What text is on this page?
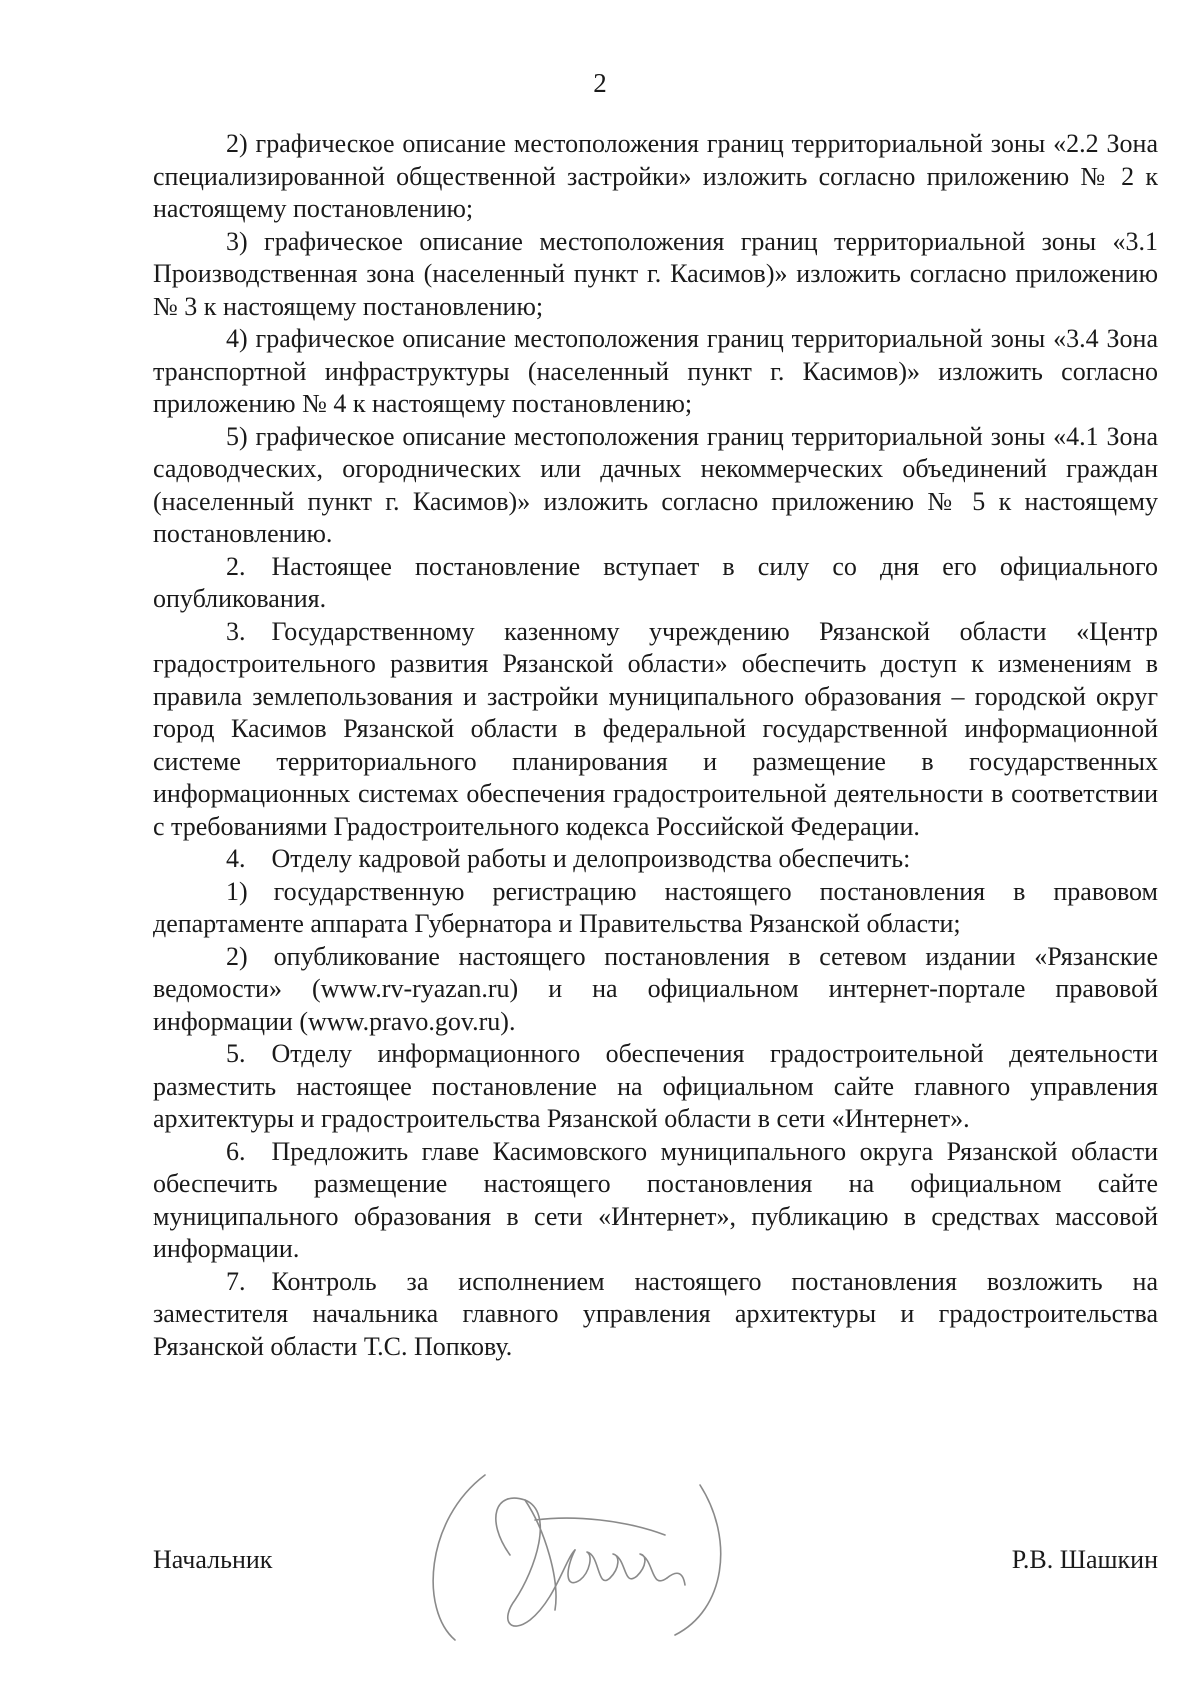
2

2) графическое описание местоположения границ территориальной зоны «2.2 Зона специализированной общественной застройки» изложить согласно приложению № 2 к настоящему постановлению;

3) графическое описание местоположения границ территориальной зоны «3.1 Производственная зона (населенный пункт г. Касимов)» изложить согласно приложению № 3 к настоящему постановлению;

4) графическое описание местоположения границ территориальной зоны «3.4 Зона транспортной инфраструктуры (населенный пункт г. Касимов)» изложить согласно приложению № 4 к настоящему постановлению;

5) графическое описание местоположения границ территориальной зоны «4.1 Зона садоводческих, огороднических или дачных некоммерческих объединений граждан (населенный пункт г. Касимов)» изложить согласно приложению № 5 к настоящему постановлению.

2. Настоящее постановление вступает в силу со дня его официального опубликования.

3. Государственному казенному учреждению Рязанской области «Центр градостроительного развития Рязанской области» обеспечить доступ к изменениям в правила землепользования и застройки муниципального образования – городской округ город Касимов Рязанской области в федеральной государственной информационной системе территориального планирования и размещение в государственных информационных системах обеспечения градостроительной деятельности в соответствии с требованиями Градостроительного кодекса Российской Федерации.

4. Отделу кадровой работы и делопроизводства обеспечить:

1) государственную регистрацию настоящего постановления в правовом департаменте аппарата Губернатора и Правительства Рязанской области;

2) опубликование настоящего постановления в сетевом издании «Рязанские ведомости» (www.rv-ryazan.ru) и на официальном интернет-портале правовой информации (www.pravo.gov.ru).

5. Отделу информационного обеспечения градостроительной деятельности разместить настоящее постановление на официальном сайте главного управления архитектуры и градостроительства Рязанской области в сети «Интернет».

6. Предложить главе Касимовского муниципального округа Рязанской области обеспечить размещение настоящего постановления на официальном сайте муниципального образования в сети «Интернет», публикацию в средствах массовой информации.

7. Контроль за исполнением настоящего постановления возложить на заместителя начальника главного управления архитектуры и градостроительства Рязанской области Т.С. Попкову.

Начальник	Р.В. Шашкин
